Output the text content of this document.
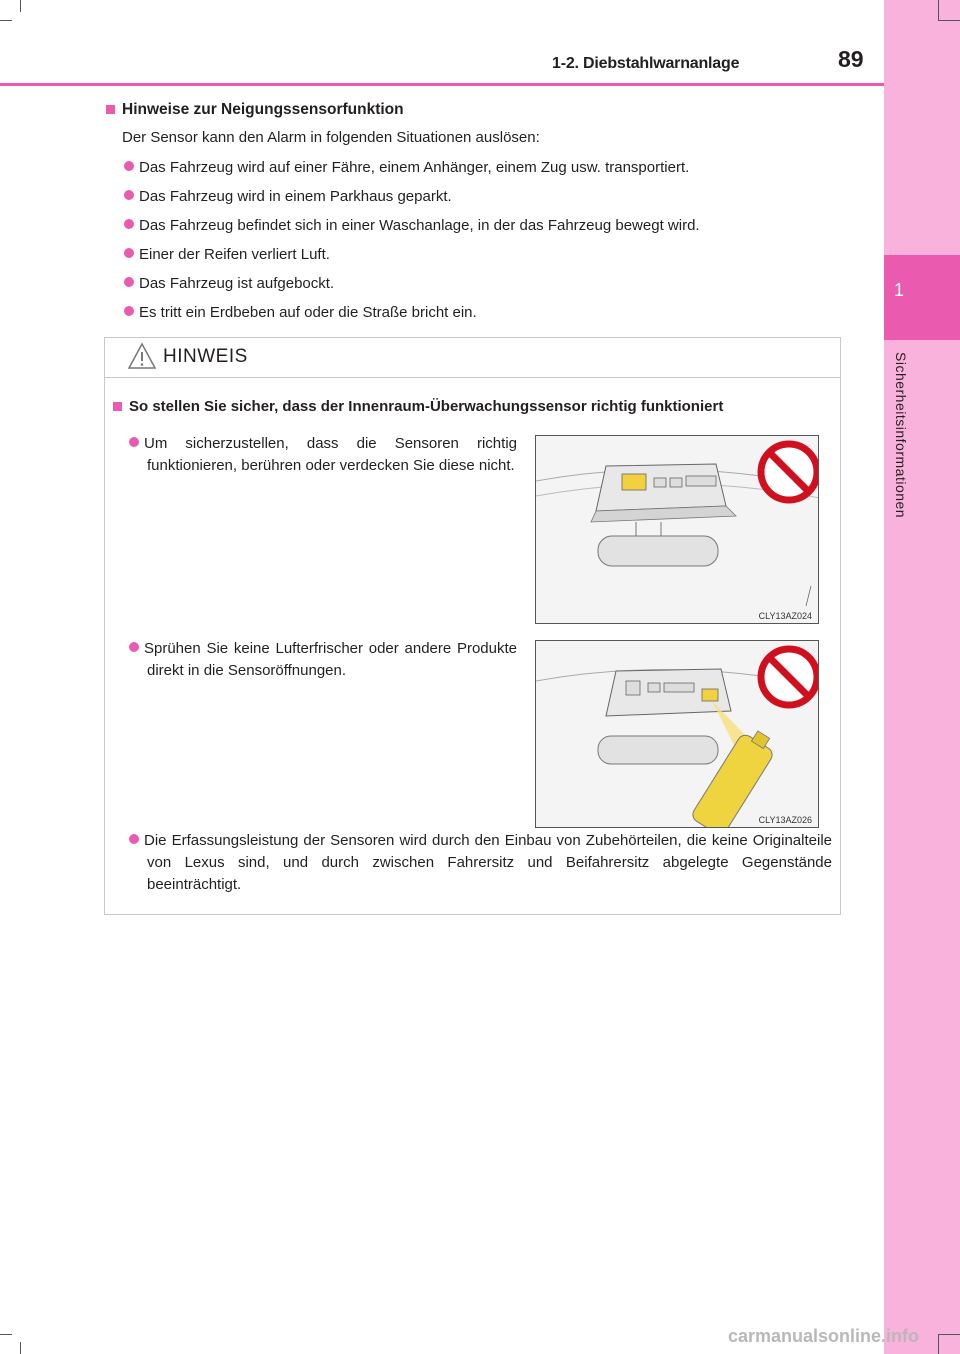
1
Sicherheitsinformationen
1-2. Diebstahlwarnanlage	89
Hinweise zur Neigungssensorfunktion
Der Sensor kann den Alarm in folgenden Situationen auslösen:
Das Fahrzeug wird auf einer Fähre, einem Anhänger, einem Zug usw. transportiert.
Das Fahrzeug wird in einem Parkhaus geparkt.
Das Fahrzeug befindet sich in einer Waschanlage, in der das Fahrzeug bewegt wird.
Einer der Reifen verliert Luft.
Das Fahrzeug ist aufgebockt.
Es tritt ein Erdbeben auf oder die Straße bricht ein.
HINWEIS
So stellen Sie sicher, dass der Innenraum-Überwachungssensor richtig funktioniert
Um sicherzustellen, dass die Sensoren richtig funktionieren, berühren oder verdecken Sie diese nicht.
CLY13AZ024
Sprühen Sie keine Lufterfrischer oder andere Produkte direkt in die Sensoröffnungen.
CLY13AZ026
Die Erfassungsleistung der Sensoren wird durch den Einbau von Zubehörteilen, die keine Originalteile von Lexus sind, und durch zwischen Fahrersitz und Beifahrersitz abgelegte Gegenstände beeinträchtigt.
carmanualsonline.info
